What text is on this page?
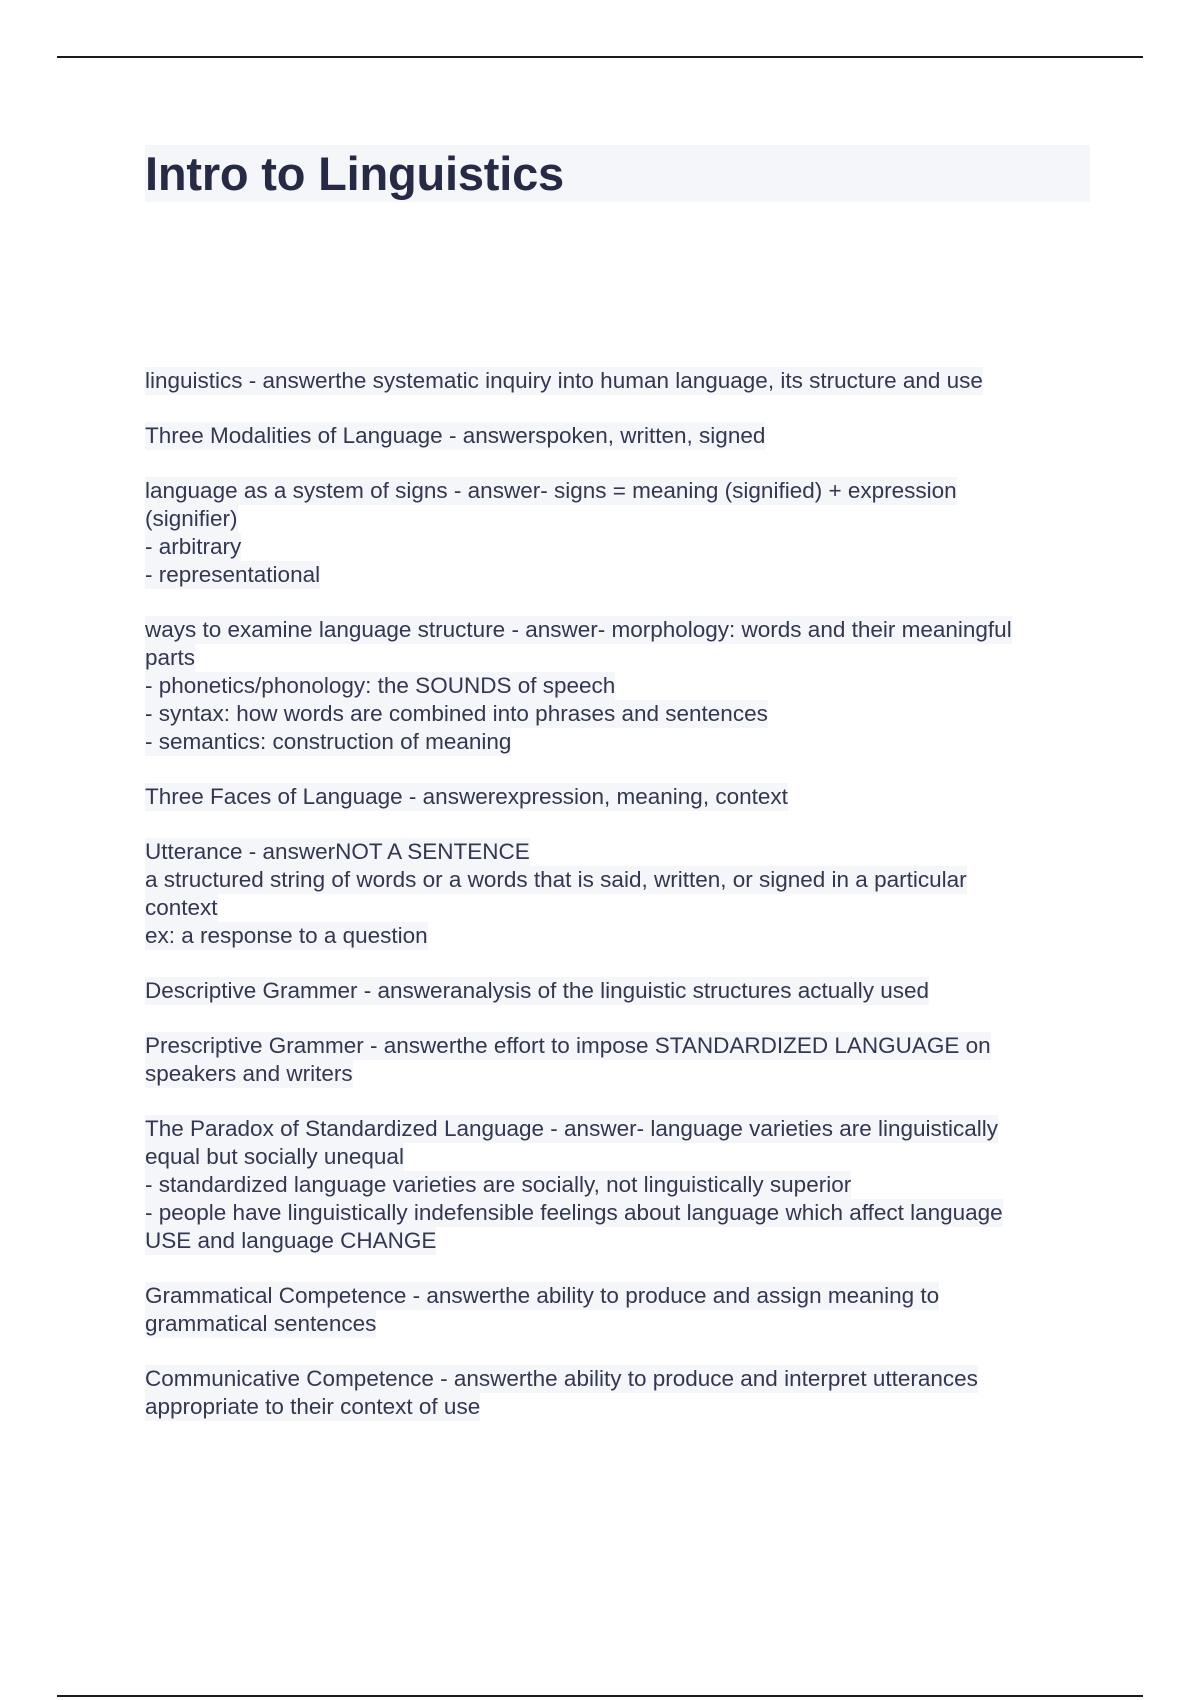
Intro to Linguistics

linguistics - answerthe systematic inquiry into human language, its structure and use

Three Modalities of Language - answerspoken, written, signed

language as a system of signs - answer- signs = meaning (signified) + expression
(signifier)
- arbitrary
- representational

ways to examine language structure - answer- morphology: words and their meaningful
parts
- phonetics/phonology: the SOUNDS of speech
- syntax: how words are combined into phrases and sentences
- semantics: construction of meaning

Three Faces of Language - answerexpression, meaning, context

Utterance - answerNOT A SENTENCE
a structured string of words or a words that is said, written, or signed in a particular
context
ex: a response to a question

Descriptive Grammer - answeranalysis of the linguistic structures actually used

Prescriptive Grammer - answerthe effort to impose STANDARDIZED LANGUAGE on
speakers and writers

The Paradox of Standardized Language - answer- language varieties are linguistically
equal but socially unequal
- standardized language varieties are socially, not linguistically superior
- people have linguistically indefensible feelings about language which affect language
USE and language CHANGE

Grammatical Competence - answerthe ability to produce and assign meaning to
grammatical sentences

Communicative Competence - answerthe ability to produce and interpret utterances
appropriate to their context of use
